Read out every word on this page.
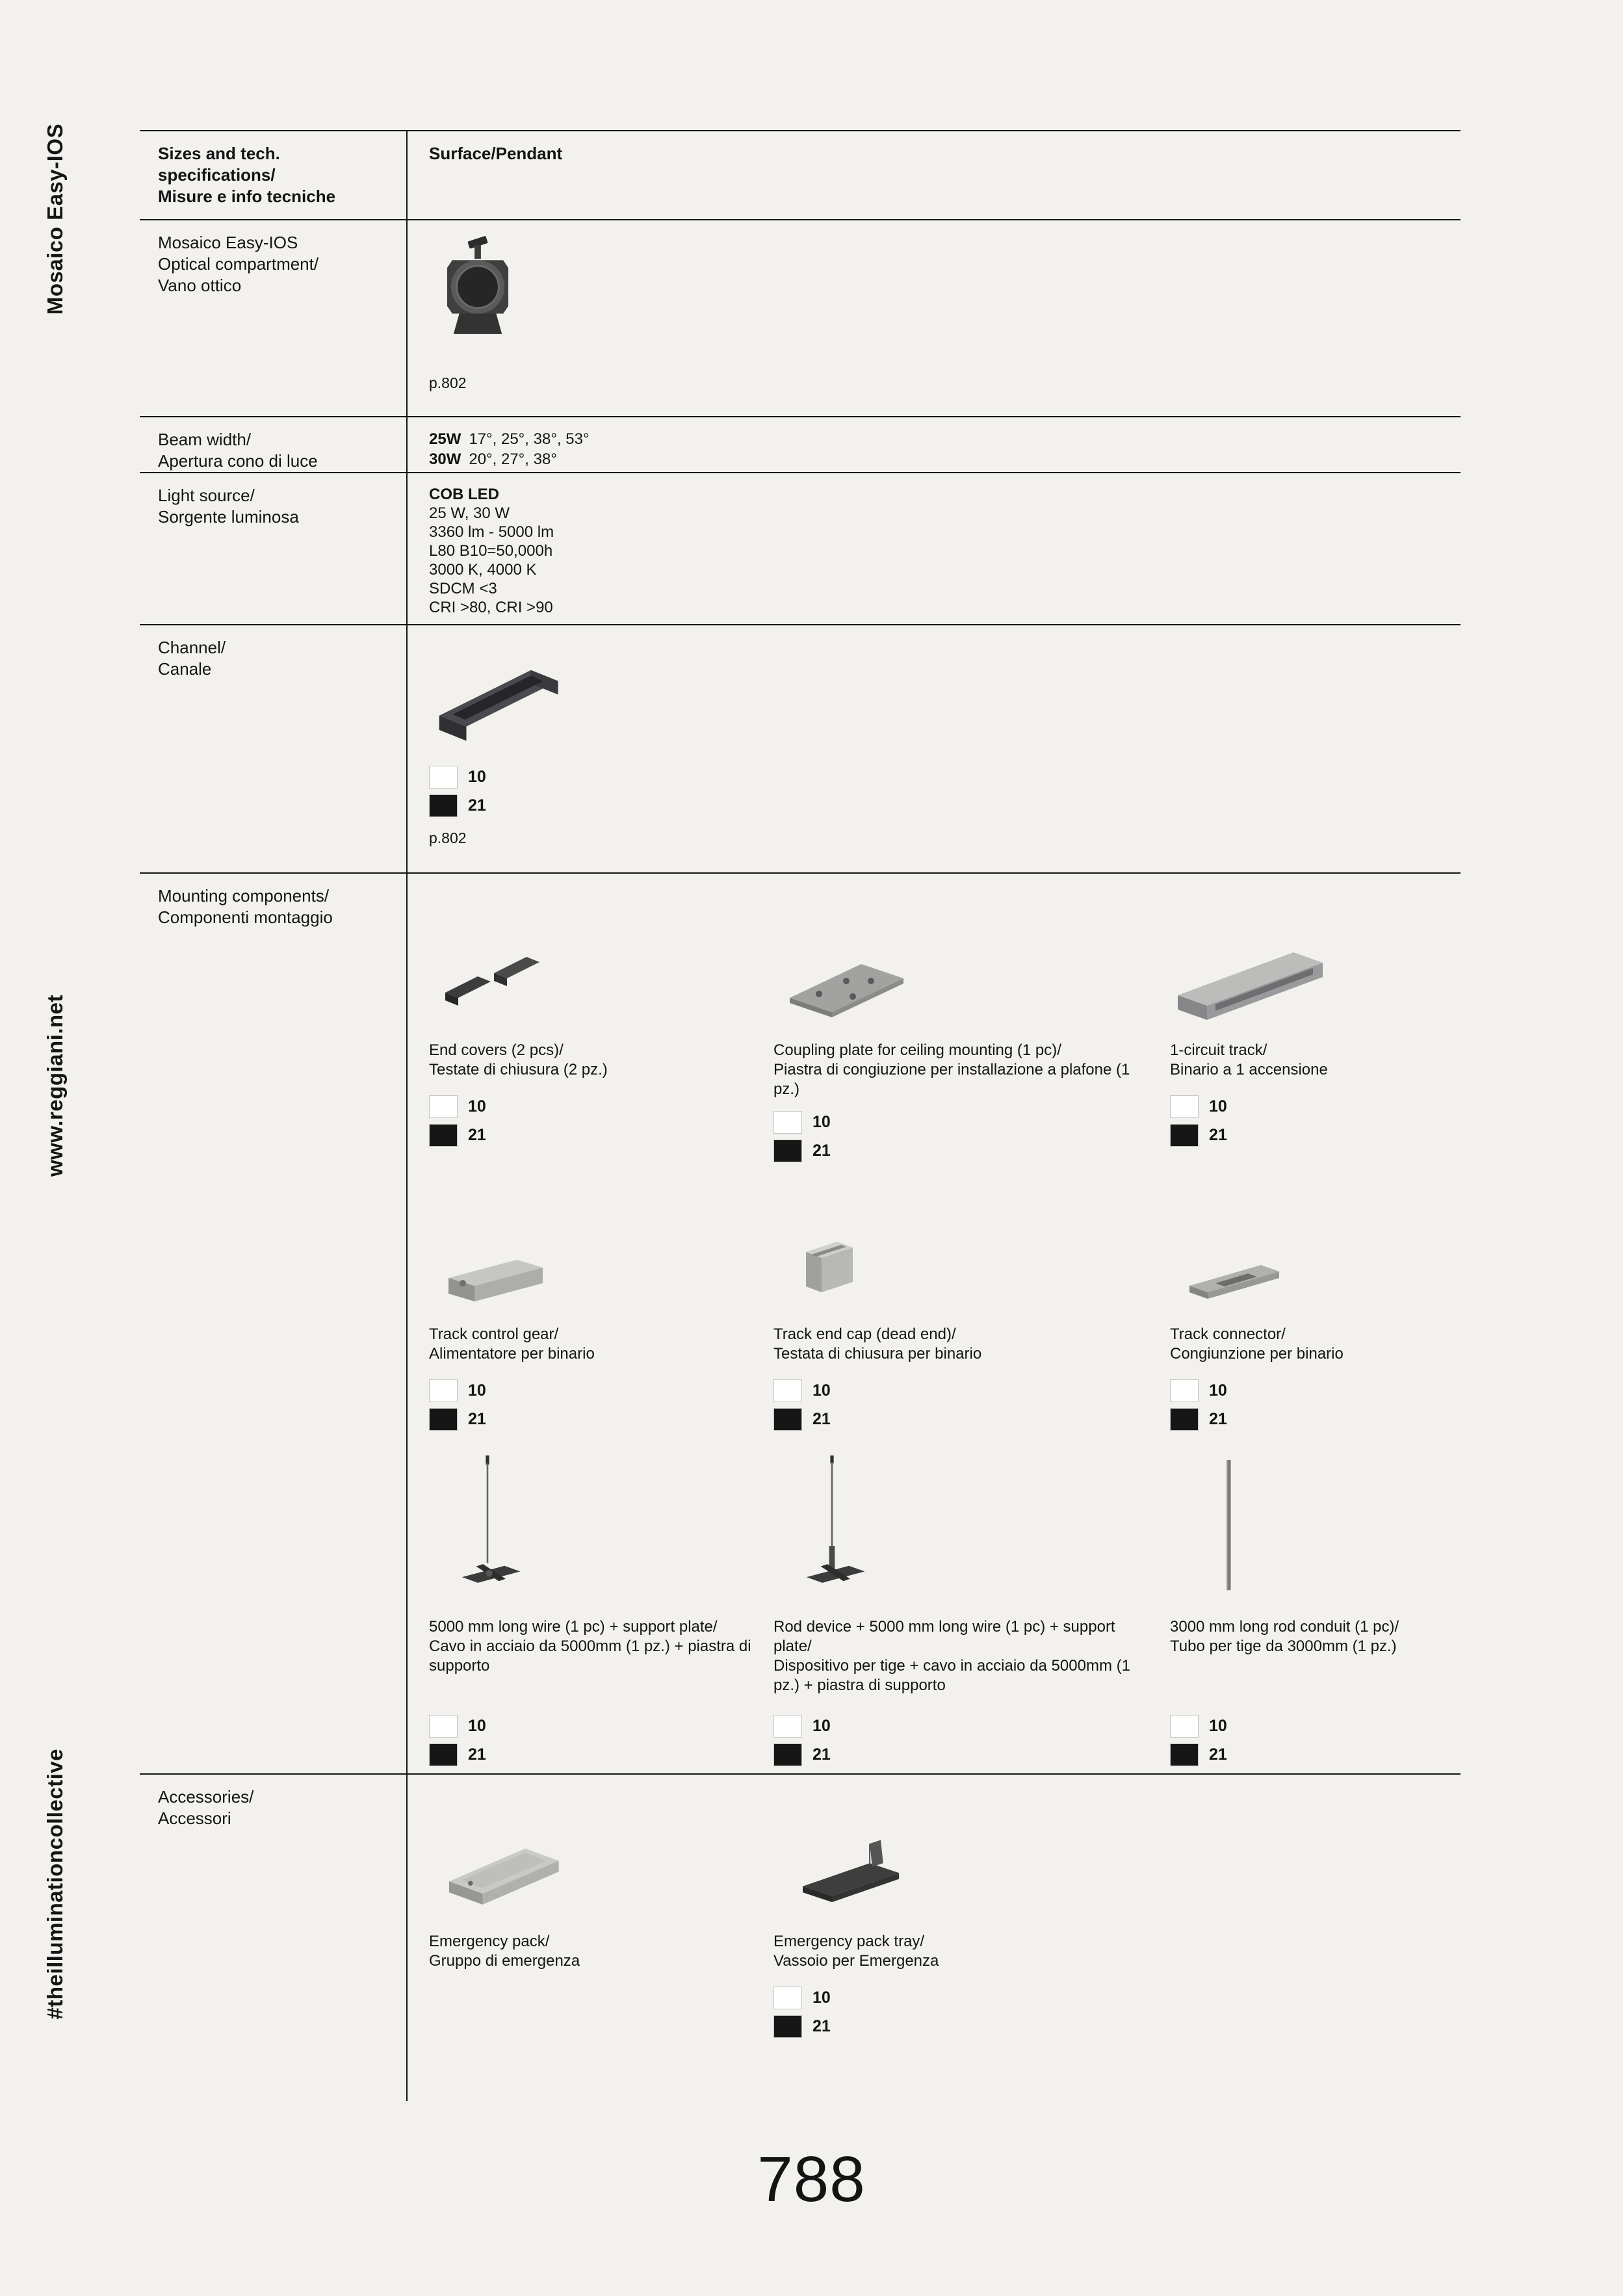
Mosaico Easy-IOS
www.reggiani.net
#theilluminationcollective
Sizes and tech.
specifications/
Misure e info tecniche
Surface/Pendant
Mosaico Easy-IOS
Optical compartment/
Vano ottico
p.802
Beam width/
Apertura cono di luce
25W 17°, 25°, 38°, 53°
30W 20°, 27°, 38°
Light source/
Sorgente luminosa
COB LED
25 W, 30 W
3360 lm - 5000 lm
L80 B10=50,000h
3000 K, 4000 K
SDCM <3
CRI >80, CRI >90
Channel/
Canale
10
21
p.802
Mounting components/
Componenti montaggio
End covers (2 pcs)/
Testate di chiusura (2 pz.)
10
21
Coupling plate for ceiling mounting (1 pc)/
Piastra di congiuzione per installazione a plafone (1 pz.)
10
21
1-circuit track/
Binario a 1 accensione
10
21
Track control gear/
Alimentatore per binario
10
21
Track end cap (dead end)/
Testata di chiusura per binario
10
21
Track connector/
Congiunzione per binario
10
21
5000 mm long wire (1 pc) + support plate/
Cavo in acciaio da 5000mm (1 pz.) + piastra di supporto
10
21
Rod device + 5000 mm long wire (1 pc) + support plate/
Dispositivo per tige + cavo in acciaio da 5000mm (1 pz.) + piastra di supporto
10
21
3000 mm long rod conduit (1 pc)/
Tubo per tige da 3000mm (1 pz.)
10
21
Accessories/
Accessori
Emergency pack/
Gruppo di emergenza
Emergency pack tray/
Vassoio per Emergenza
10
21
788
